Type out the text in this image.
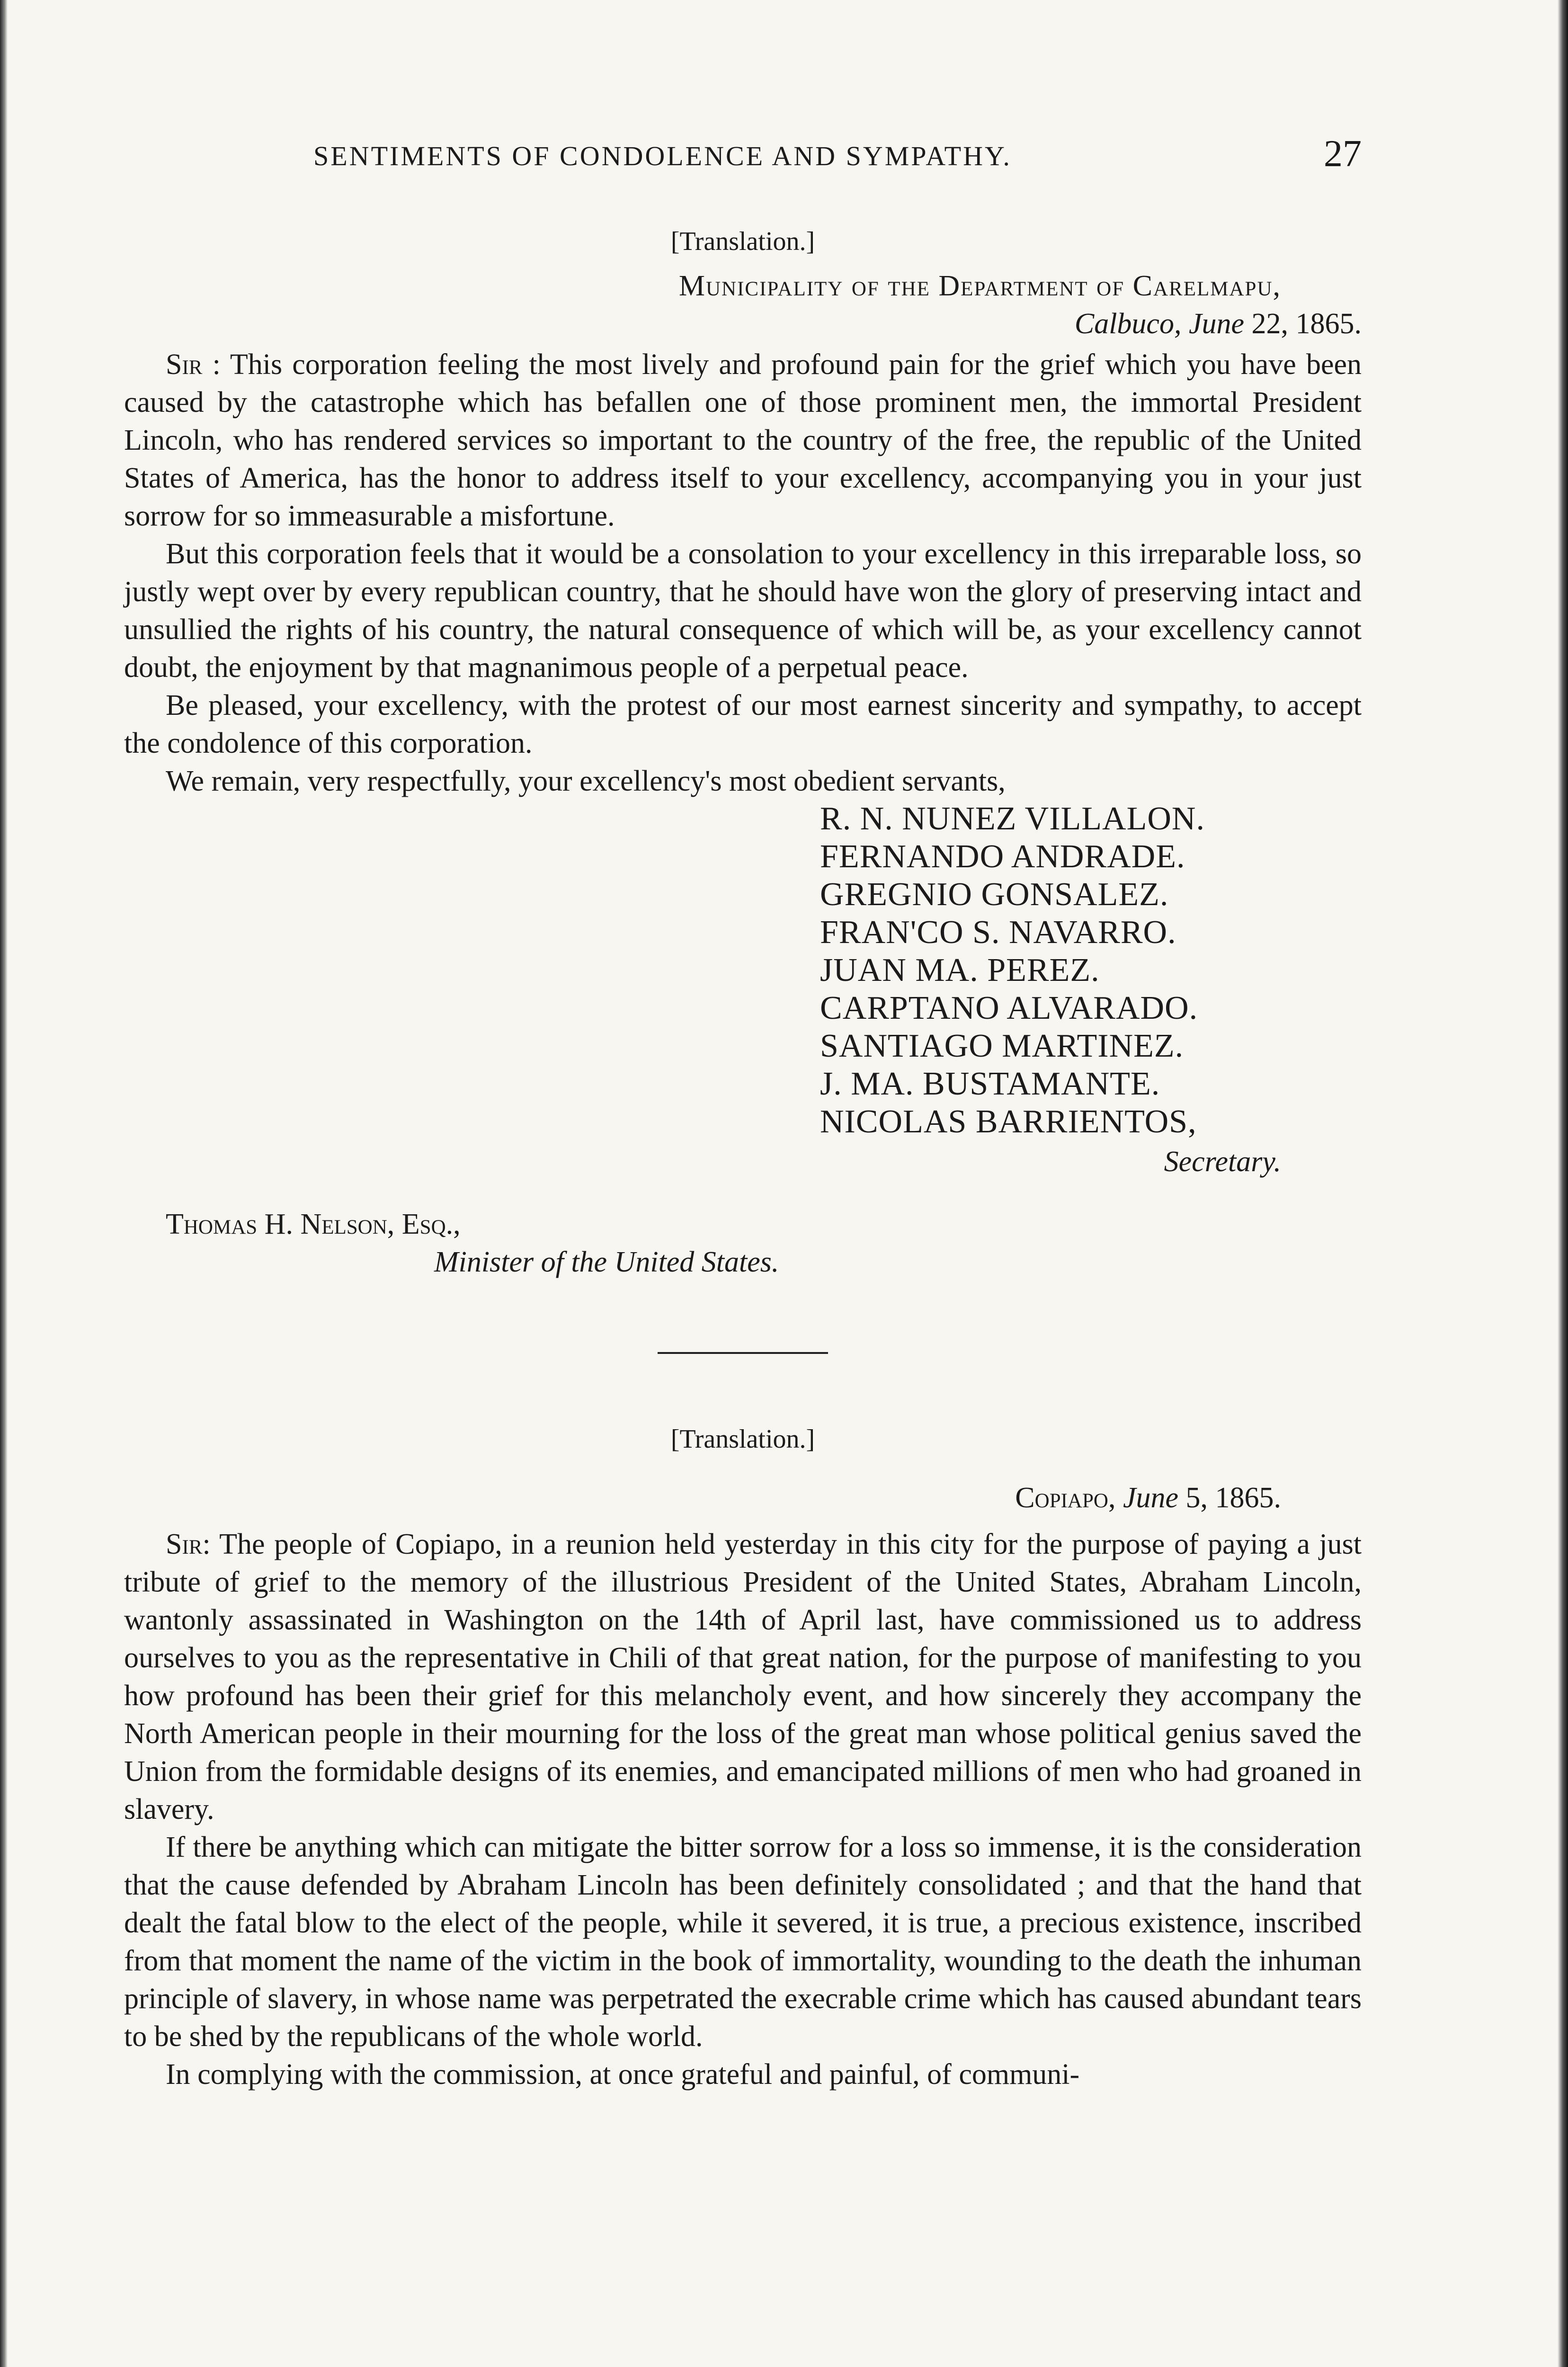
SENTIMENTS OF CONDOLENCE AND SYMPATHY.	27
[Translation.]
Municipality of the Department of Carelmapu,
Calbuco, June 22, 1865.

Sir : This corporation feeling the most lively and profound pain for the grief which you have been caused by the catastrophe which has befallen one of those prominent men, the immortal President Lincoln, who has rendered services so important to the country of the free, the republic of the United States of America, has the honor to address itself to your excellency, accompanying you in your just sorrow for so immeasurable a misfortune.

But this corporation feels that it would be a consolation to your excellency in this irreparable loss, so justly wept over by every republican country, that he should have won the glory of preserving intact and unsullied the rights of his country, the natural consequence of which will be, as your excellency cannot doubt, the enjoyment by that magnanimous people of a perpetual peace.

Be pleased, your excellency, with the protest of our most earnest sincerity and sympathy, to accept the condolence of this corporation.

We remain, very respectfully, your excellency's most obedient servants,

R. N. NUNEZ VILLALON.
FERNANDO ANDRADE.
GREGNIO GONSALEZ.
FRAN'CO S. NAVARRO.
JUAN MA. PEREZ.
CARPTANO ALVARADO.
SANTIAGO MARTINEZ.
J. MA. BUSTAMANTE.
NICOLAS BARRIENTOS,
Secretary.
Thomas H. Nelson, Esq.,
Minister of the United States.
[Translation.]
Copiapo, June 5, 1865.

Sir: The people of Copiapo, in a reunion held yesterday in this city for the purpose of paying a just tribute of grief to the memory of the illustrious President of the United States, Abraham Lincoln, wantonly assassinated in Washington on the 14th of April last, have commissioned us to address ourselves to you as the representative in Chili of that great nation, for the purpose of manifesting to you how profound has been their grief for this melancholy event, and how sincerely they accompany the North American people in their mourning for the loss of the great man whose political genius saved the Union from the formidable designs of its enemies, and emancipated millions of men who had groaned in slavery.

If there be anything which can mitigate the bitter sorrow for a loss so immense, it is the consideration that the cause defended by Abraham Lincoln has been definitely consolidated ; and that the hand that dealt the fatal blow to the elect of the people, while it severed, it is true, a precious existence, inscribed from that moment the name of the victim in the book of immortality, wounding to the death the inhuman principle of slavery, in whose name was perpetrated the execrable crime which has caused abundant tears to be shed by the republicans of the whole world.

In complying with the commission, at once grateful and painful, of communi-
